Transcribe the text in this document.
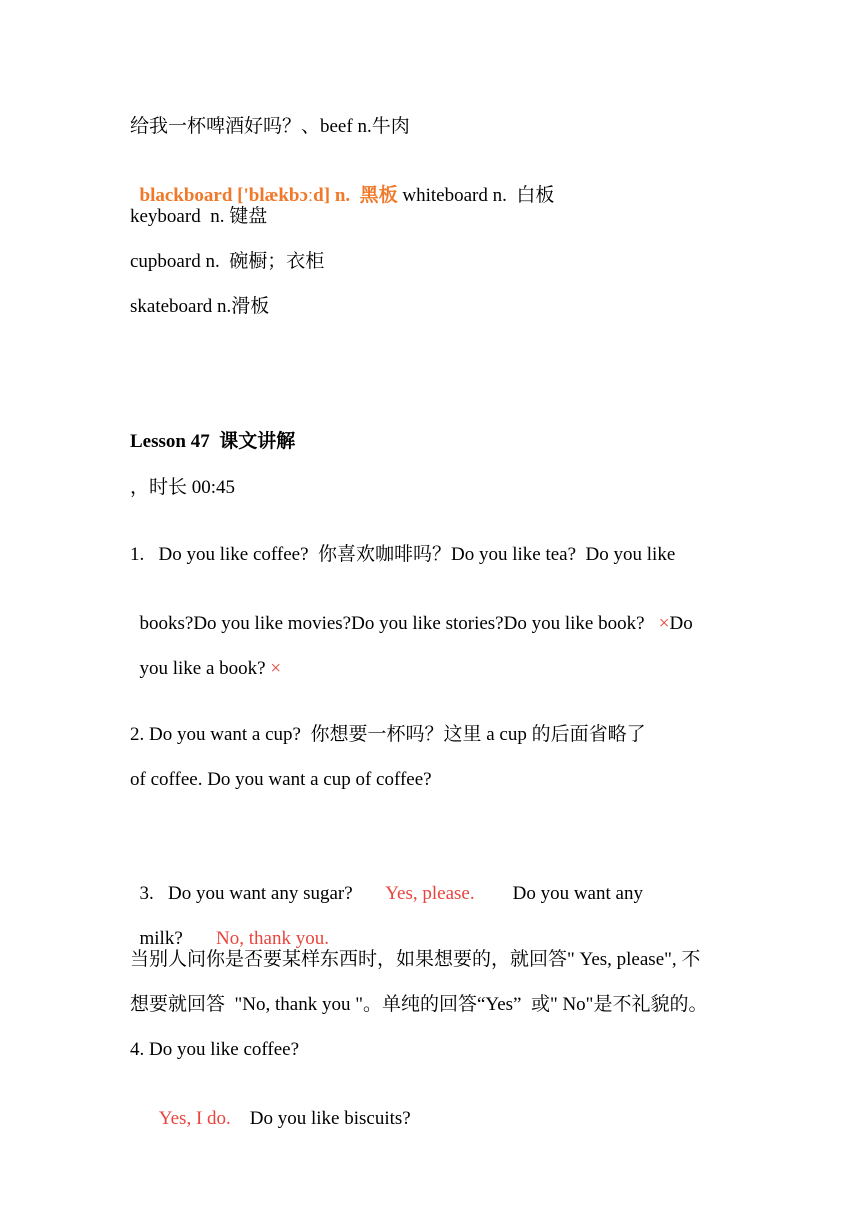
给我一杯啤酒好吗？、beef n.牛肉

blackboard ['blækbɔːd] n.  黑板 whiteboard n.  白板

keyboard  n. 键盘
cupboard n.  碗橱；衣柜
skateboard n.滑板
Lesson 47  课文讲解
，时长 00:45
1.   Do you like coffee?  你喜欢咖啡吗？Do you like tea?  Do you like

books?Do you like movies?Do you like stories?Do you like book?   ×Do

you like a book? ×

2. Do you want a cup?  你想要一杯吗？这里 a cup 的后面省略了
of coffee. Do you want a cup of coffee?

3.   Do you want any sugar?       Yes, please.        Do you want any

milk?       No, thank you.

当别人问你是否要某样东西时，如果想要的，就回答" Yes, please", 不
想要就回答  "No, thank you "。单纯的回答“Yes”  或" No"是不礼貌的。
4. Do you like coffee?

Yes, I do.    Do you like biscuits?
